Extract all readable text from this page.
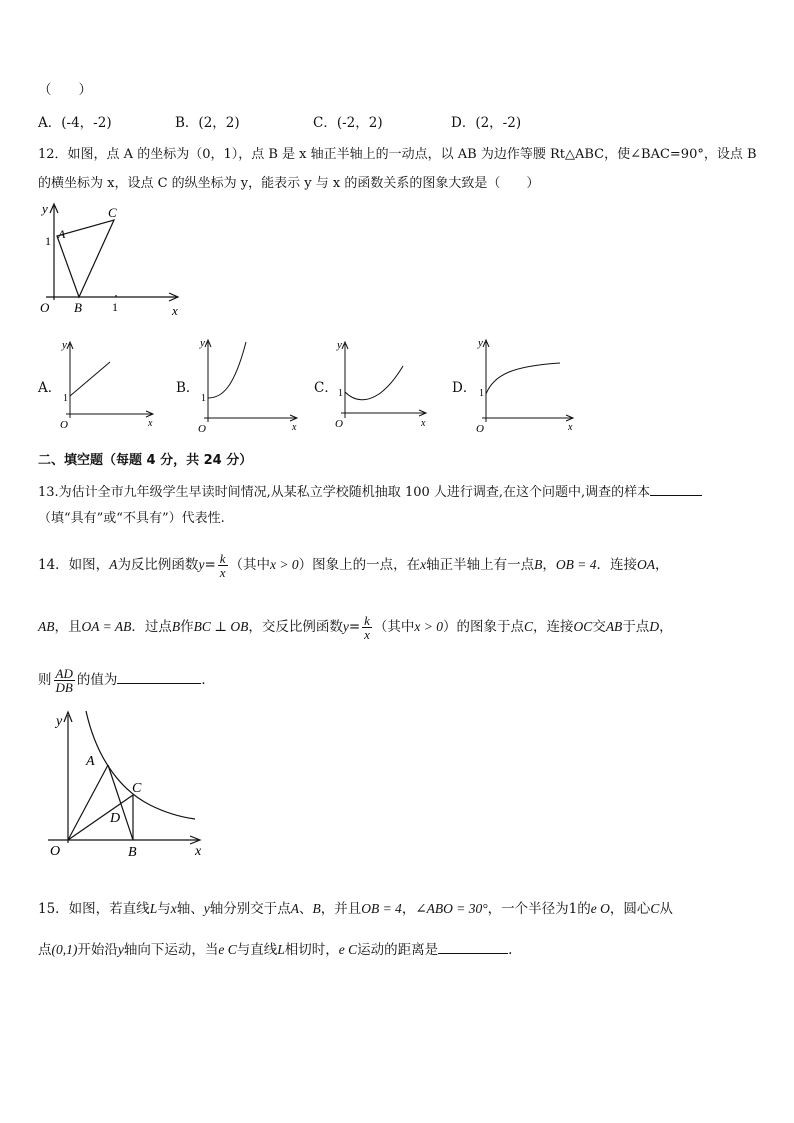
（　　）
A．(-4，-2)	B．(2，2)	C．(-2，2)	D．(2，-2)
12．如图，点 A 的坐标为（0，1），点 B 是 x 轴正半轴上的一动点，以 AB 为边作等腰 Rt△ABC，使∠BAC=90°，设点 B
的横坐标为 x，设点 C 的纵坐标为 y，能表示 y 与 x 的函数关系的图象大致是（　　）
y
1 A
C
O B	1	x
A．
y
1
O	x
B．
y
1
O	x
C．
y
1
O	x
D．
y
1
O	x
二、填空题（每题 4 分，共 24 分）
13.为估计全市九年级学生早读时间情况,从某私立学校随机抽取 100 人进行调查,在这个问题中,调查的样本
（填“具有”或“不具有”）代表性.
14．如图，A为反比例函数$y= \frac{k}{x}$ （其中x > 0）图象上的一点，在x轴正半轴上有一点B，OB = 4．连接OA，
AB，且OA = AB．过点B作BC ⊥ OB，交反比例函数$y= \frac{k}{x}$ （其中x > 0）的图象于点C，连接OC交AB于点D，
则 $\frac{AD}{DB}$ 的值为	．
y
A
C
D
O	B	x
15．如图，若直线L与x轴、y轴分别交于点A、B，并且OB = 4，∠ABO = 30°，一个半径为1的e O，圆心C从
点(0,1)开始沿y轴向下运动，当e C与直线L相切时，e C运动的距离是	.
